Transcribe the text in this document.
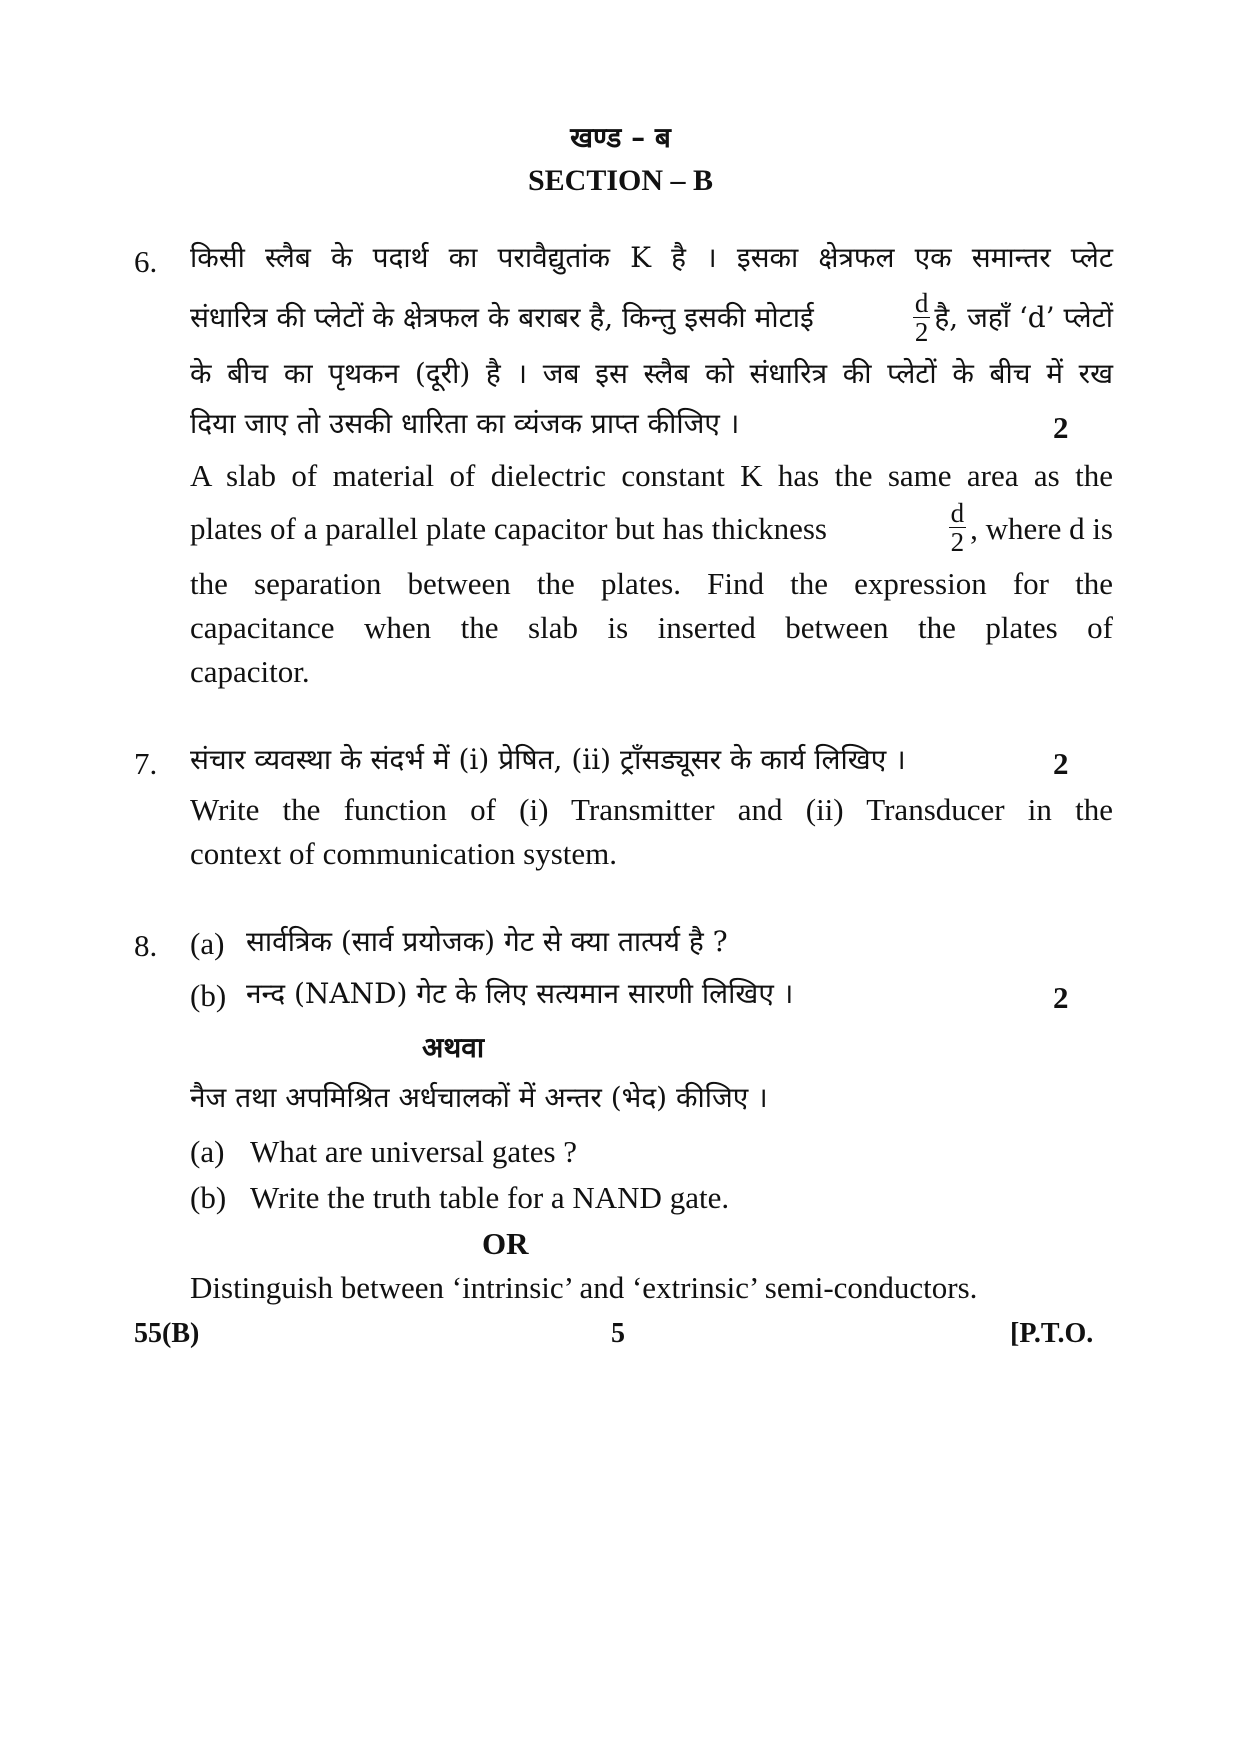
खण्ड – ब
SECTION – B
6. किसी स्लैब के पदार्थ का परावैद्युतांक K है । इसका क्षेत्रफल एक समान्तर प्लेट
संधारित्र की प्लेटों के क्षेत्रफल के बराबर है, किन्तु इसकी मोटाई	$\frac{d}{2}$ है, जहाँ ‘d’ प्लेटों
के बीच का पृथकन (दूरी) है । जब इस स्लैब को संधारित्र की प्लेटों के बीच में रख
दिया जाए तो उसकी धारिता का व्यंजक प्राप्त कीजिए ।	2
A slab of material of dielectric constant K has the same area as the
plates of a parallel plate capacitor but has thickness	$\frac{d}{2}$ , where d is
the separation between the plates. Find the expression for the
capacitance when the slab is inserted between the plates of
capacitor.
7. संचार व्यवस्था के संदर्भ में (i) प्रेषित, (ii) ट्राँसड्यूसर के कार्य लिखिए ।	2
Write the function of (i) Transmitter and (ii) Transducer in the
context of communication system.
8. (a) सार्वत्रिक (सार्व प्रयोजक) गेट से क्या तात्पर्य है ?
(b) नन्द (NAND) गेट के लिए सत्यमान सारणी लिखिए ।	2
अथवा
नैज तथा अपमिश्रित अर्धचालकों में अन्तर (भेद) कीजिए ।
(a) What are universal gates ?
(b) Write the truth table for a NAND gate.
OR
Distinguish between ‘intrinsic’ and ‘extrinsic’ semi-conductors.
55(B)	5	[P.T.O.
